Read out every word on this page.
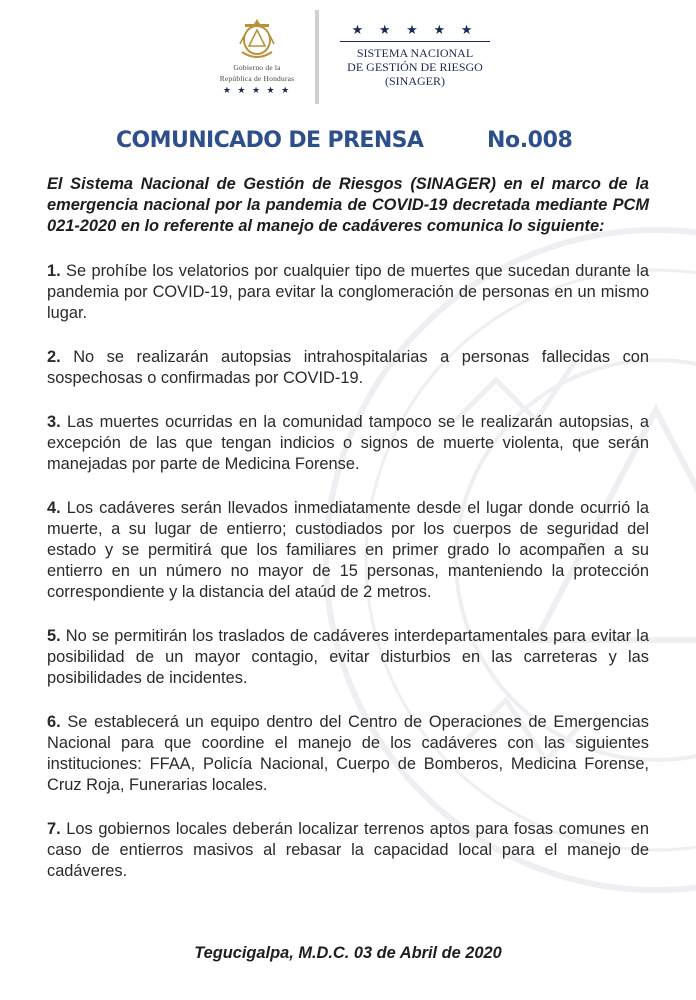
Gobierno de la
República de Honduras
★ ★ ★ ★ ★
★ ★ ★ ★ ★
SISTEMA NACIONAL
DE GESTIÓN DE RIESGO
(SINAGER)
COMUNICADO DE PRENSA	No.008

El Sistema Nacional de Gestión de Riesgos (SINAGER) en el marco de la emergencia nacional por la pandemia de COVID-19 decretada mediante PCM 021-2020 en lo referente al manejo de cadáveres comunica lo siguiente:

1. Se prohíbe los velatorios por cualquier tipo de muertes que sucedan durante la pandemia por COVID-19, para evitar la conglomeración de personas en un mismo lugar.

2. No se realizarán autopsias intrahospitalarias a personas fallecidas con sospechosas o confirmadas por COVID-19.

3. Las muertes ocurridas en la comunidad tampoco se le realizarán autopsias, a excepción de las que tengan indicios o signos de muerte violenta, que serán manejadas por parte de Medicina Forense.

4. Los cadáveres serán llevados inmediatamente desde el lugar donde ocurrió la muerte, a su lugar de entierro; custodiados por los cuerpos de seguridad del estado y se permitirá que los familiares en primer grado lo acompañen a su entierro en un número no mayor de 15 personas, manteniendo la protección correspondiente y la distancia del ataúd de 2 metros.

5. No se permitirán los traslados de cadáveres interdepartamentales para evitar la posibilidad de un mayor contagio, evitar disturbios en las carreteras y las posibilidades de incidentes.

6. Se establecerá un equipo dentro del Centro de Operaciones de Emergencias Nacional para que coordine el manejo de los cadáveres con las siguientes instituciones: FFAA, Policía Nacional, Cuerpo de Bomberos, Medicina Forense, Cruz Roja, Funerarias locales.

7. Los gobiernos locales deberán localizar terrenos aptos para fosas comunes en caso de entierros masivos al rebasar la capacidad local para el manejo de cadáveres.

Tegucigalpa, M.D.C. 03 de Abril de 2020
